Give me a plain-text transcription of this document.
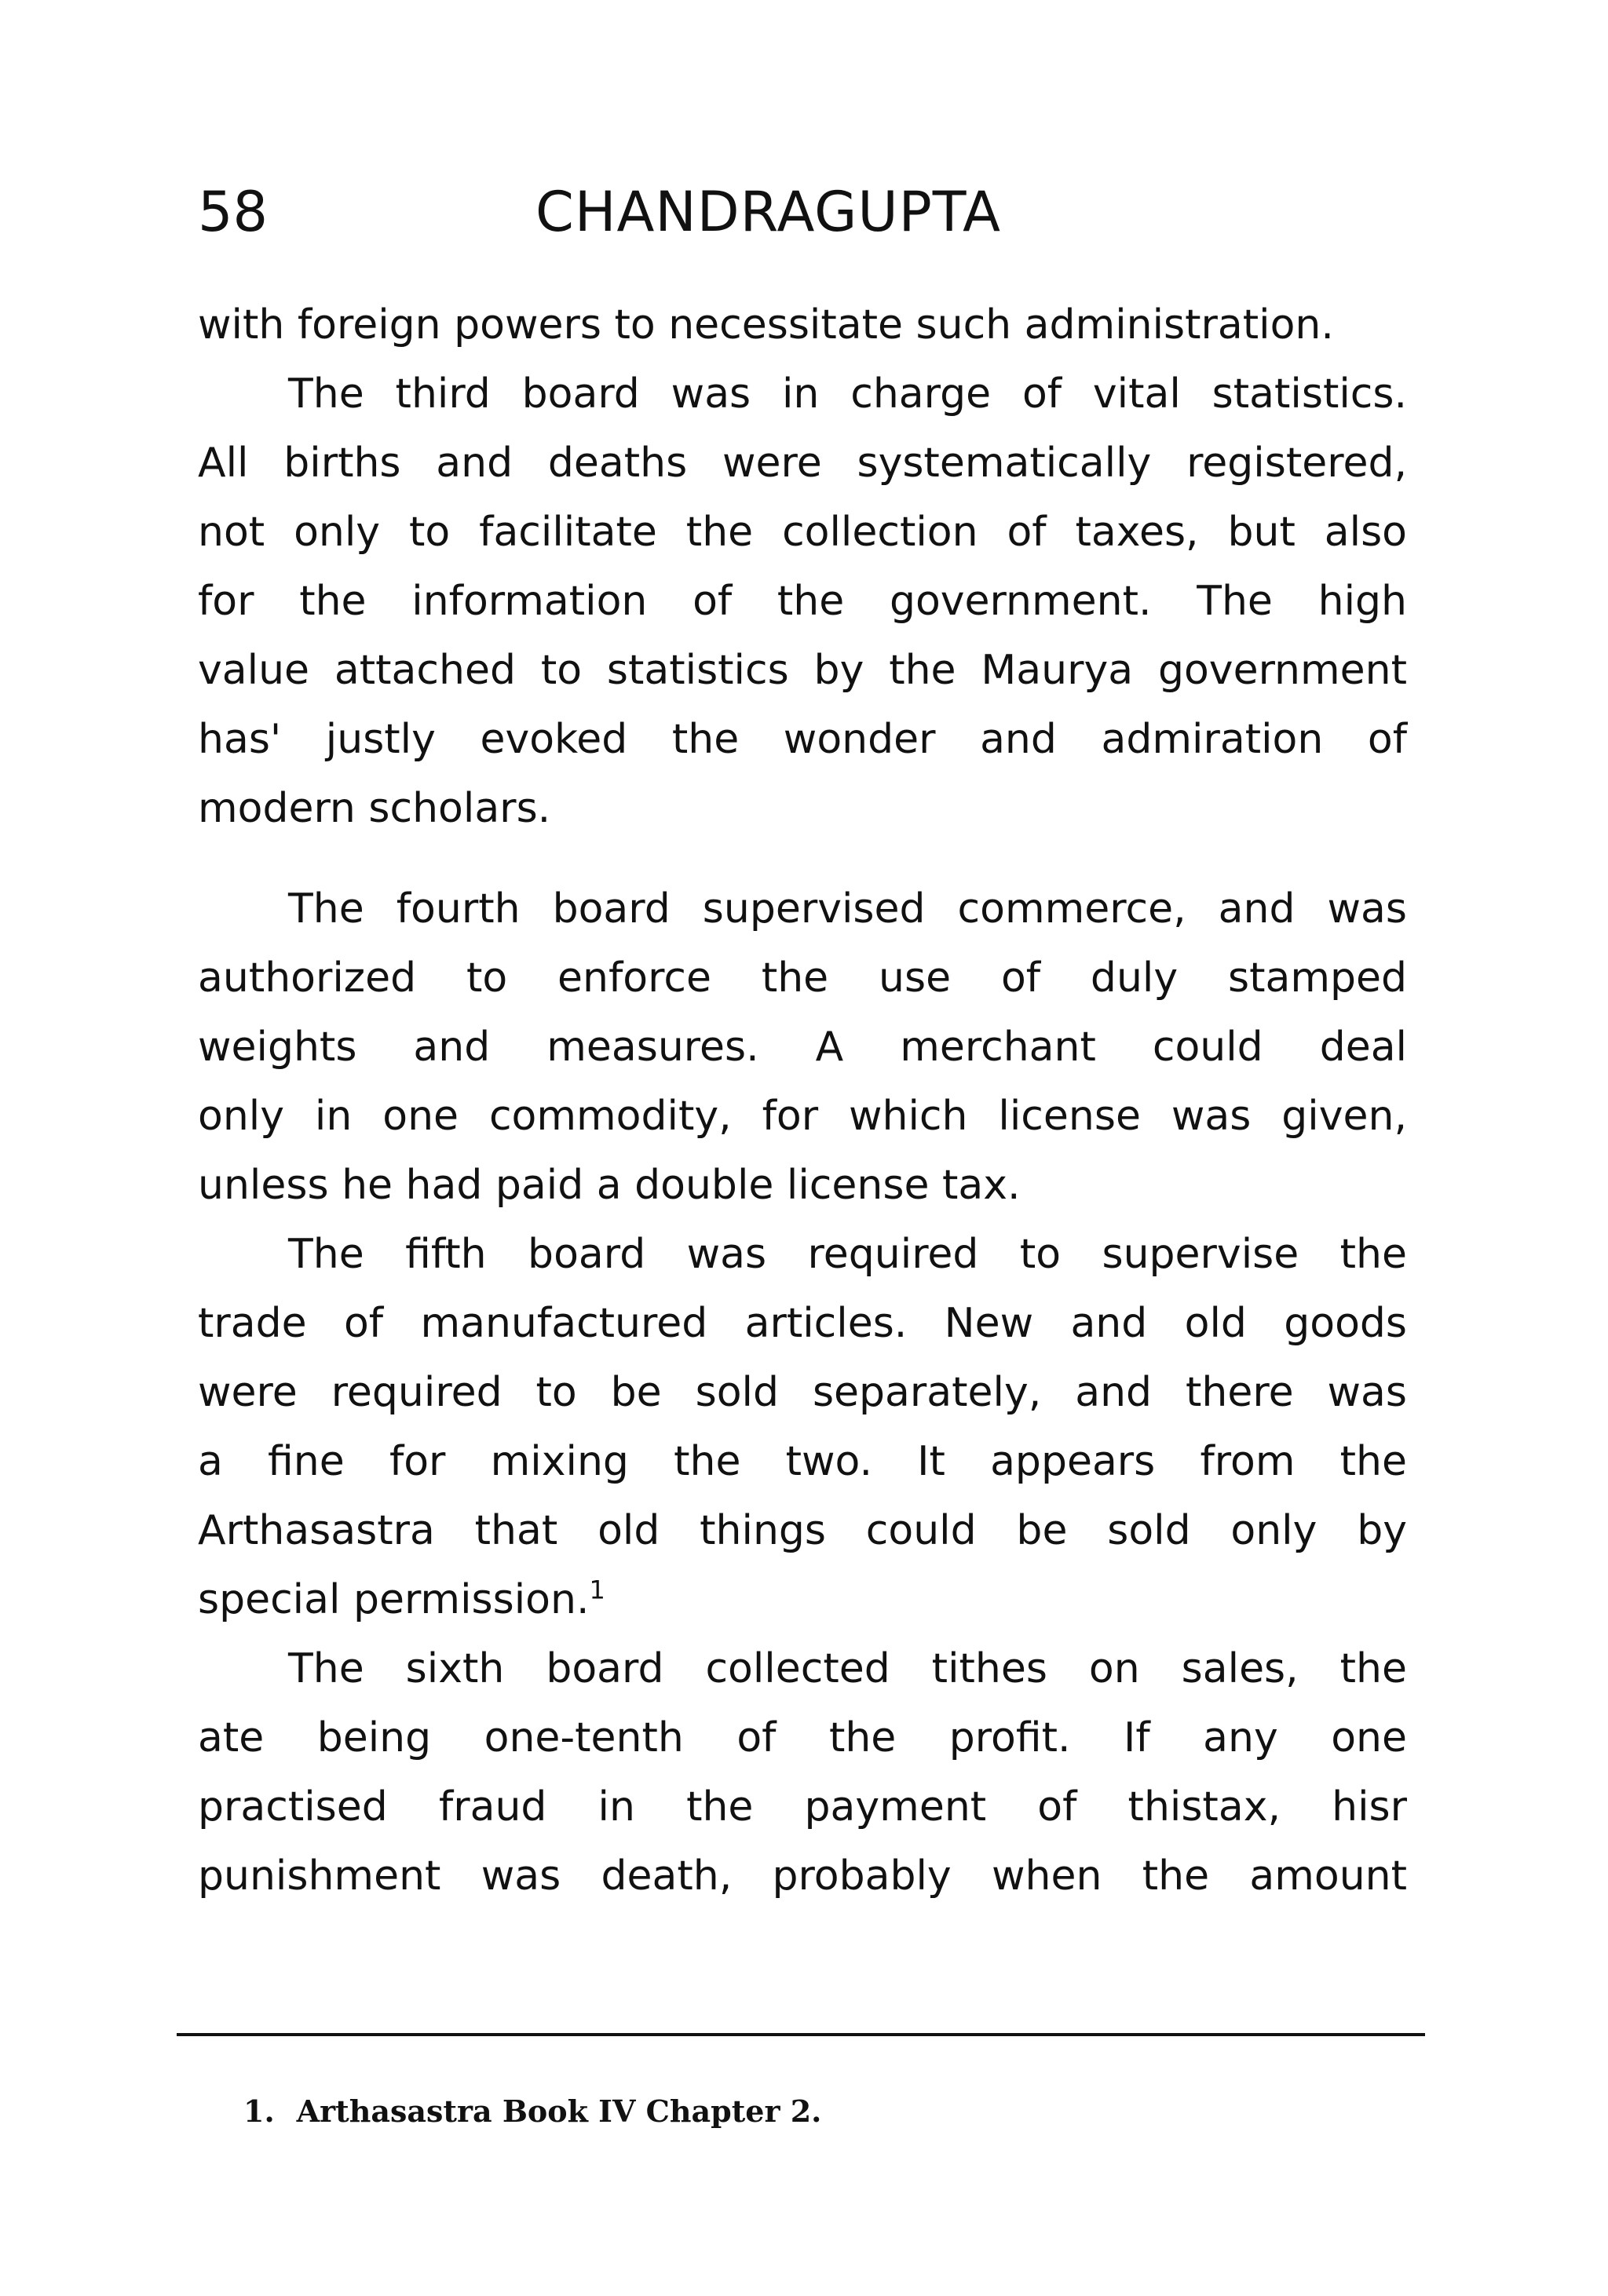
58	CHANDRAGUPTA
with foreign powers to necessitate such administration.
The third board was in charge of vital statistics.
All births and deaths were systematically registered,
not only to facilitate the collection of taxes, but also
for the information of the government. The high
value attached to statistics by the Maurya government
has' justly evoked the wonder and admiration of
modern scholars.
The fourth board supervised commerce, and was
authorized to enforce the use of duly stamped
weights and measures. A merchant could deal
only in one commodity, for which license was given,
unless he had paid a double license tax.
The fifth board was required to supervise the
trade of manufactured articles. New and old goods
were required to be sold separately, and there was
a fine for mixing the two. It appears from the
Arthasastra that old things could be sold only by
special permission.$^1$
The sixth board collected tithes on sales, the
ate being one-tenth of the profit. If any one
practised fraud in the payment of thistax, hisr
punishment was death, probably when the amount
1. Arthasastra Book IV Chapter 2.
